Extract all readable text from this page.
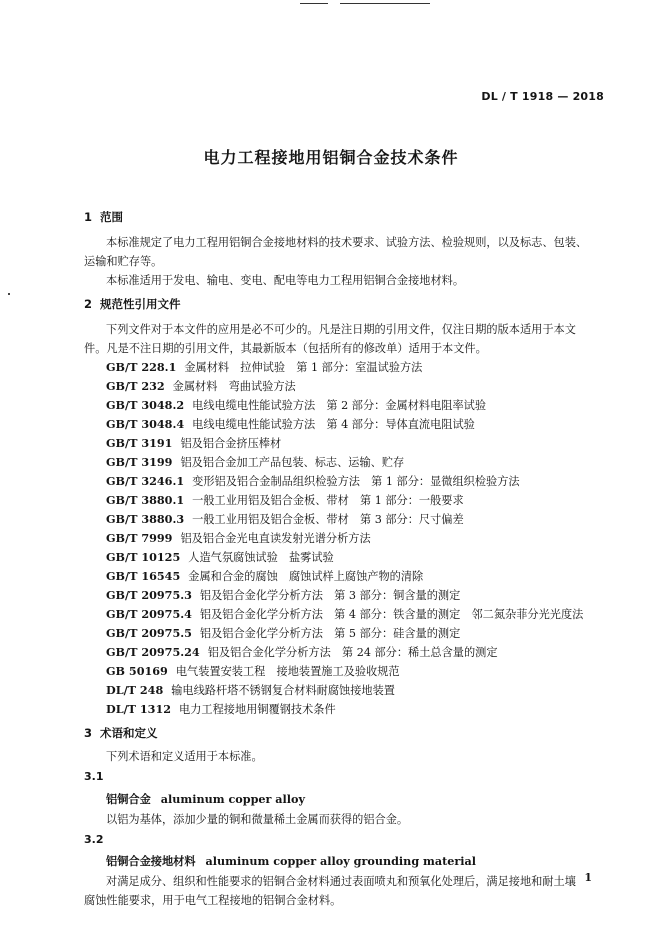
DL / T 1918 — 2018
电力工程接地用铝铜合金技术条件
1 范围
本标准规定了电力工程用铝铜合金接地材料的技术要求、试验方法、检验规则，以及标志、包装、运输和贮存等。
本标准适用于发电、输电、变电、配电等电力工程用铝铜合金接地材料。
2 规范性引用文件
下列文件对于本文件的应用是必不可少的。凡是注日期的引用文件，仅注日期的版本适用于本文件。凡是不注日期的引用文件，其最新版本（包括所有的修改单）适用于本文件。
GB/T 228.1 金属材料　拉伸试验　第 1 部分：室温试验方法
GB/T 232 金属材料　弯曲试验方法
GB/T 3048.2 电线电缆电性能试验方法　第 2 部分：金属材料电阻率试验
GB/T 3048.4 电线电缆电性能试验方法　第 4 部分：导体直流电阻试验
GB/T 3191 铝及铝合金挤压棒材
GB/T 3199 铝及铝合金加工产品包装、标志、运输、贮存
GB/T 3246.1 变形铝及铝合金制品组织检验方法　第 1 部分：显微组织检验方法
GB/T 3880.1 一般工业用铝及铝合金板、带材　第 1 部分：一般要求
GB/T 3880.3 一般工业用铝及铝合金板、带材　第 3 部分：尺寸偏差
GB/T 7999 铝及铝合金光电直读发射光谱分析方法
GB/T 10125 人造气氛腐蚀试验　盐雾试验
GB/T 16545 金属和合金的腐蚀　腐蚀试样上腐蚀产物的清除
GB/T 20975.3 铝及铝合金化学分析方法　第 3 部分：铜含量的测定
GB/T 20975.4 铝及铝合金化学分析方法　第 4 部分：铁含量的测定　邻二氮杂菲分光光度法
GB/T 20975.5 铝及铝合金化学分析方法　第 5 部分：硅含量的测定
GB/T 20975.24 铝及铝合金化学分析方法　第 24 部分：稀土总含量的测定
GB 50169 电气装置安装工程　接地装置施工及验收规范
DL/T 248 输电线路杆塔不锈钢复合材料耐腐蚀接地装置
DL/T 1312 电力工程接地用铜覆钢技术条件
3 术语和定义
下列术语和定义适用于本标准。
3.1
铝铜合金 aluminum copper alloy
以铝为基体，添加少量的铜和微量稀土金属而获得的铝合金。
3.2
铝铜合金接地材料 aluminum copper alloy grounding material
对满足成分、组织和性能要求的铝铜合金材料通过表面喷丸和预氧化处理后，满足接地和耐土壤腐蚀性能要求，用于电气工程接地的铝铜合金材料。
1
